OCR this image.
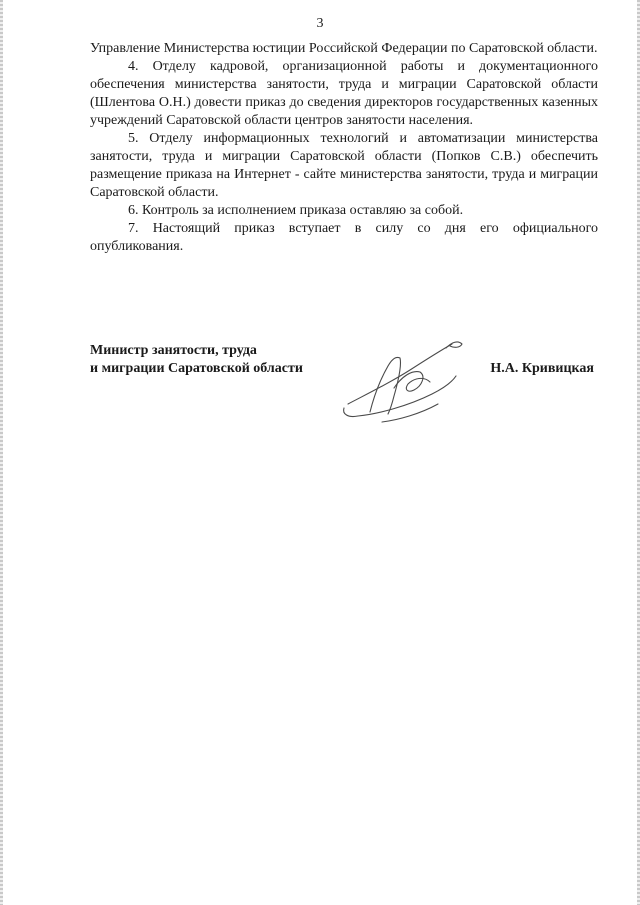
3

Управление Министерства юстиции Российской Федерации по Саратовской области.

4. Отделу кадровой, организационной работы и документационного обеспечения министерства занятости, труда и миграции Саратовской области (Шлентова О.Н.) довести приказ до сведения директоров государственных казенных учреждений Саратовской области центров занятости населения.

5. Отделу информационных технологий и автоматизации министерства занятости, труда и миграции Саратовской области (Попков С.В.) обеспечить размещение приказа на Интернет - сайте министерства занятости, труда и миграции Саратовской области.

6. Контроль за исполнением приказа оставляю за собой.

7. Настоящий приказ вступает в силу со дня его официального опубликования.

Министр занятости, труда
и миграции Саратовской области	Н.А. Кривицкая
